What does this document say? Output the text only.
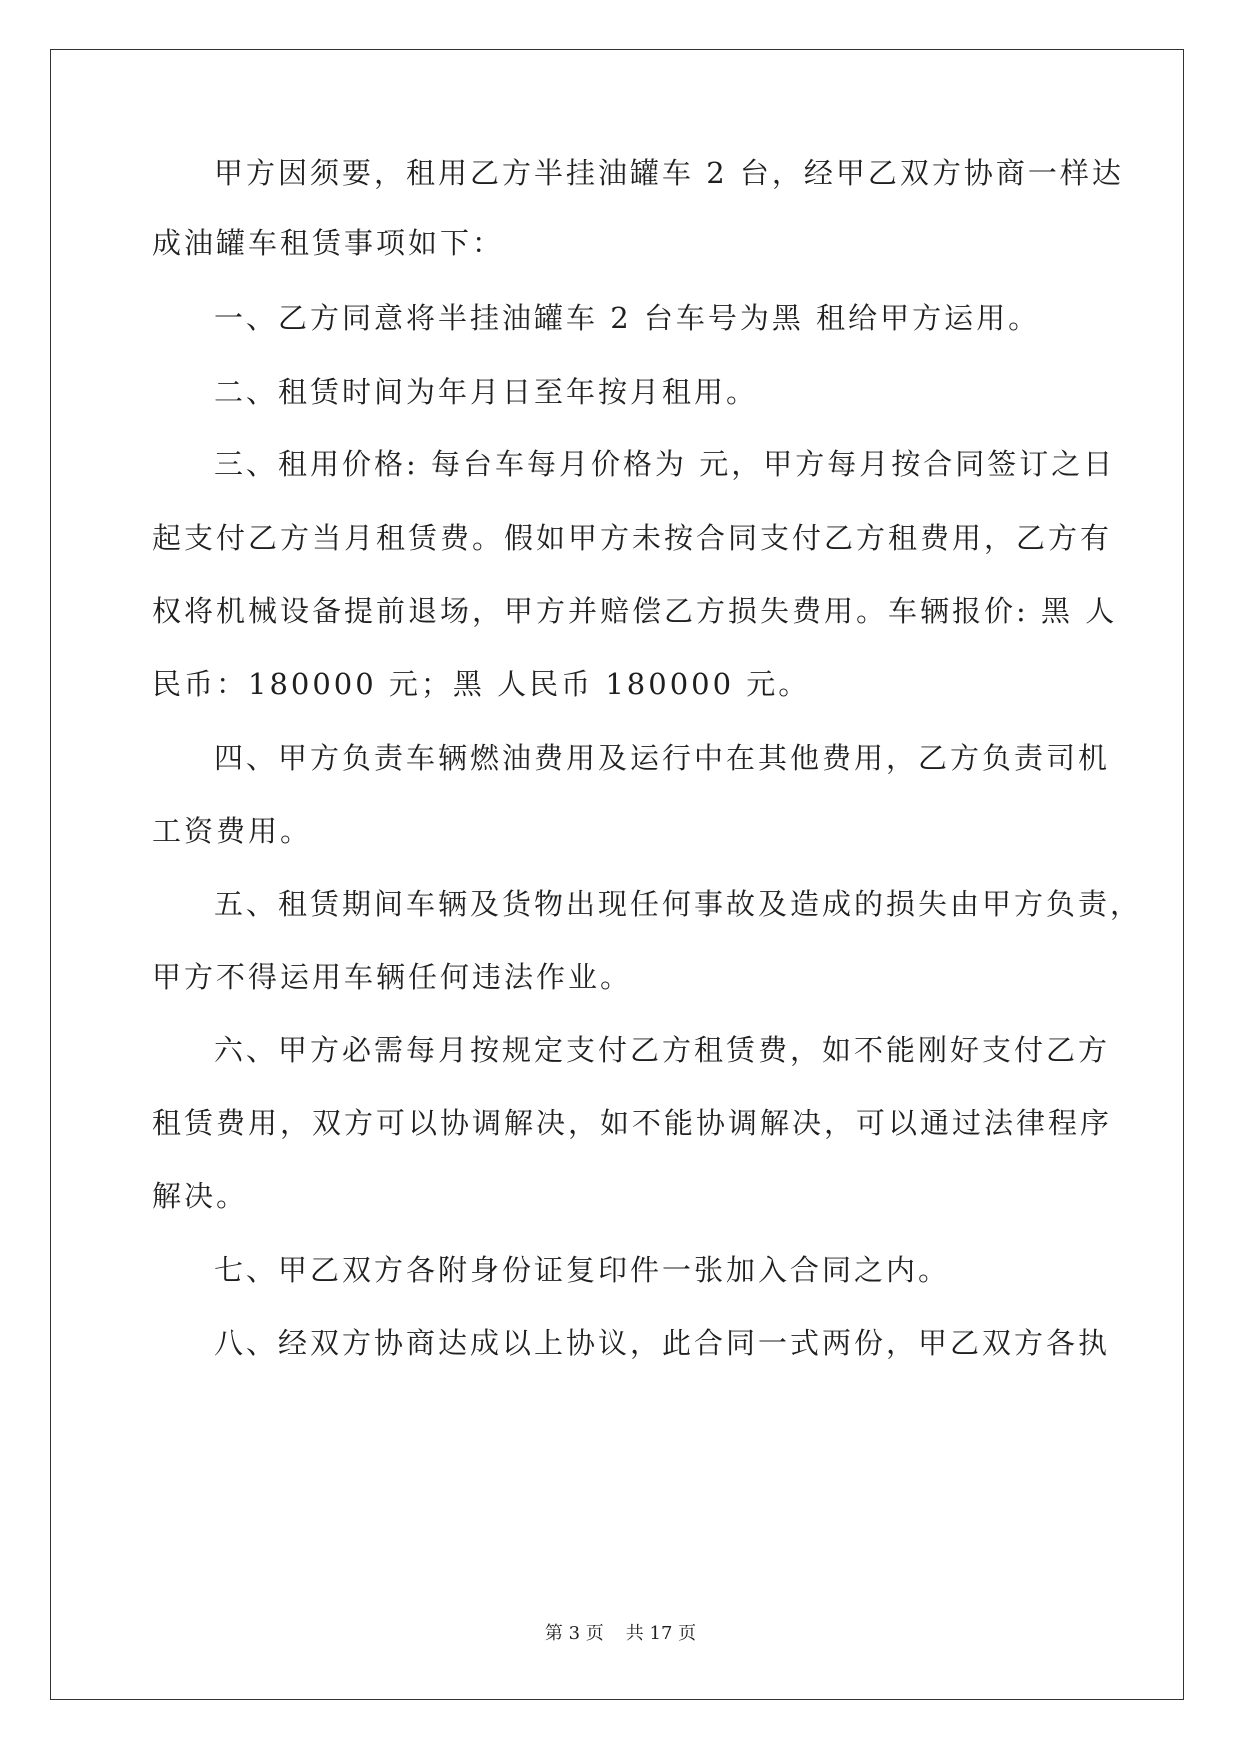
甲方因须要，租用乙方半挂油罐车 2 台，经甲乙双方协商一样达
成油罐车租赁事项如下：
一、乙方同意将半挂油罐车 2 台车号为黑 租给甲方运用。
二、租赁时间为年月日至年按月租用。
三、租用价格: 每台车每月价格为 元，甲方每月按合同签订之日
起支付乙方当月租赁费。假如甲方未按合同支付乙方租费用，乙方有
权将机械设备提前退场，甲方并赔偿乙方损失费用。车辆报价: 黑 人
民币：180000 元；黑 人民币 180000 元。
四、甲方负责车辆燃油费用及运行中在其他费用，乙方负责司机
工资费用。
五、租赁期间车辆及货物出现任何事故及造成的损失由甲方负责，
甲方不得运用车辆任何违法作业。
六、甲方必需每月按规定支付乙方租赁费，如不能刚好支付乙方
租赁费用，双方可以协调解决，如不能协调解决，可以通过法律程序
解决。
七、甲乙双方各附身份证复印件一张加入合同之内。
八、经双方协商达成以上协议，此合同一式两份，甲乙双方各执
第 3 页 共 17 页
